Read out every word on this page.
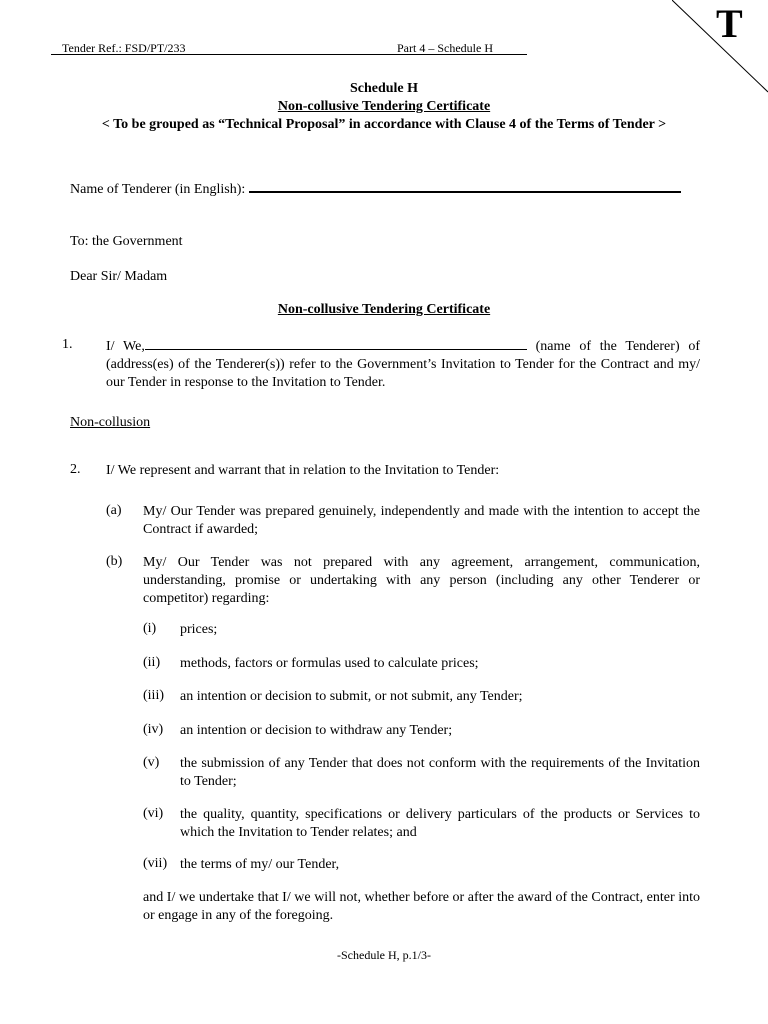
Tender Ref.: FSD/PT/233	Part 4 – Schedule H
T
Schedule H
Non-collusive Tendering Certificate
< To be grouped as “Technical Proposal” in accordance with Clause 4 of the Terms of Tender >
Name of Tenderer (in English):
To: the Government
Dear Sir/ Madam
Non-collusive Tendering Certificate
1. I/ We,	(name of the Tenderer) of (address(es) of the Tenderer(s)) refer to the Government’s Invitation to Tender for the Contract and my/ our Tender in response to the Invitation to Tender.
Non-collusion
2. I/ We represent and warrant that in relation to the Invitation to Tender:
(a) My/ Our Tender was prepared genuinely, independently and made with the intention to accept the Contract if awarded;
(b) My/ Our Tender was not prepared with any agreement, arrangement, communication, understanding, promise or undertaking with any person (including any other Tenderer or competitor) regarding:
(i) prices;
(ii) methods, factors or formulas used to calculate prices;
(iii) an intention or decision to submit, or not submit, any Tender;
(iv) an intention or decision to withdraw any Tender;
(v) the submission of any Tender that does not conform with the requirements of the Invitation to Tender;
(vi) the quality, quantity, specifications or delivery particulars of the products or Services to which the Invitation to Tender relates; and
(vii) the terms of my/ our Tender,
and I/ we undertake that I/ we will not, whether before or after the award of the Contract, enter into or engage in any of the foregoing.
-Schedule H, p.1/3-
